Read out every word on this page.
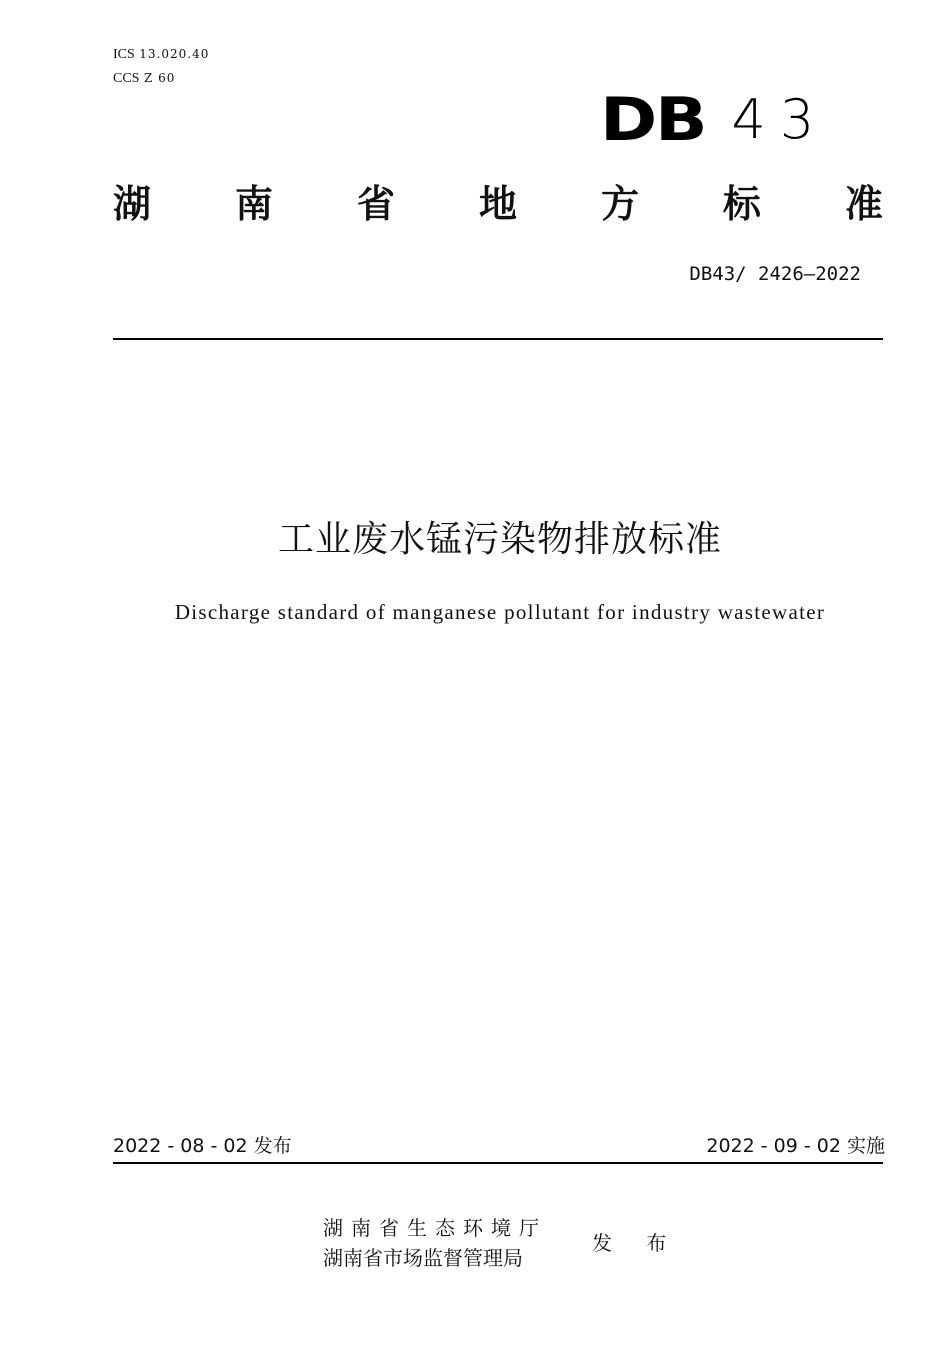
ICS 13.020.40
CCS Z 60
DB 43
湖 南 省 地 方 标 准
DB43/ 2426—2022
工业废水锰污染物排放标准
Discharge standard of manganese pollutant for industry wastewater
2022 - 08 - 02 发布	2022 - 09 - 02 实施
湖南省生态环境厅
湖南省市场监督管理局
发 布
